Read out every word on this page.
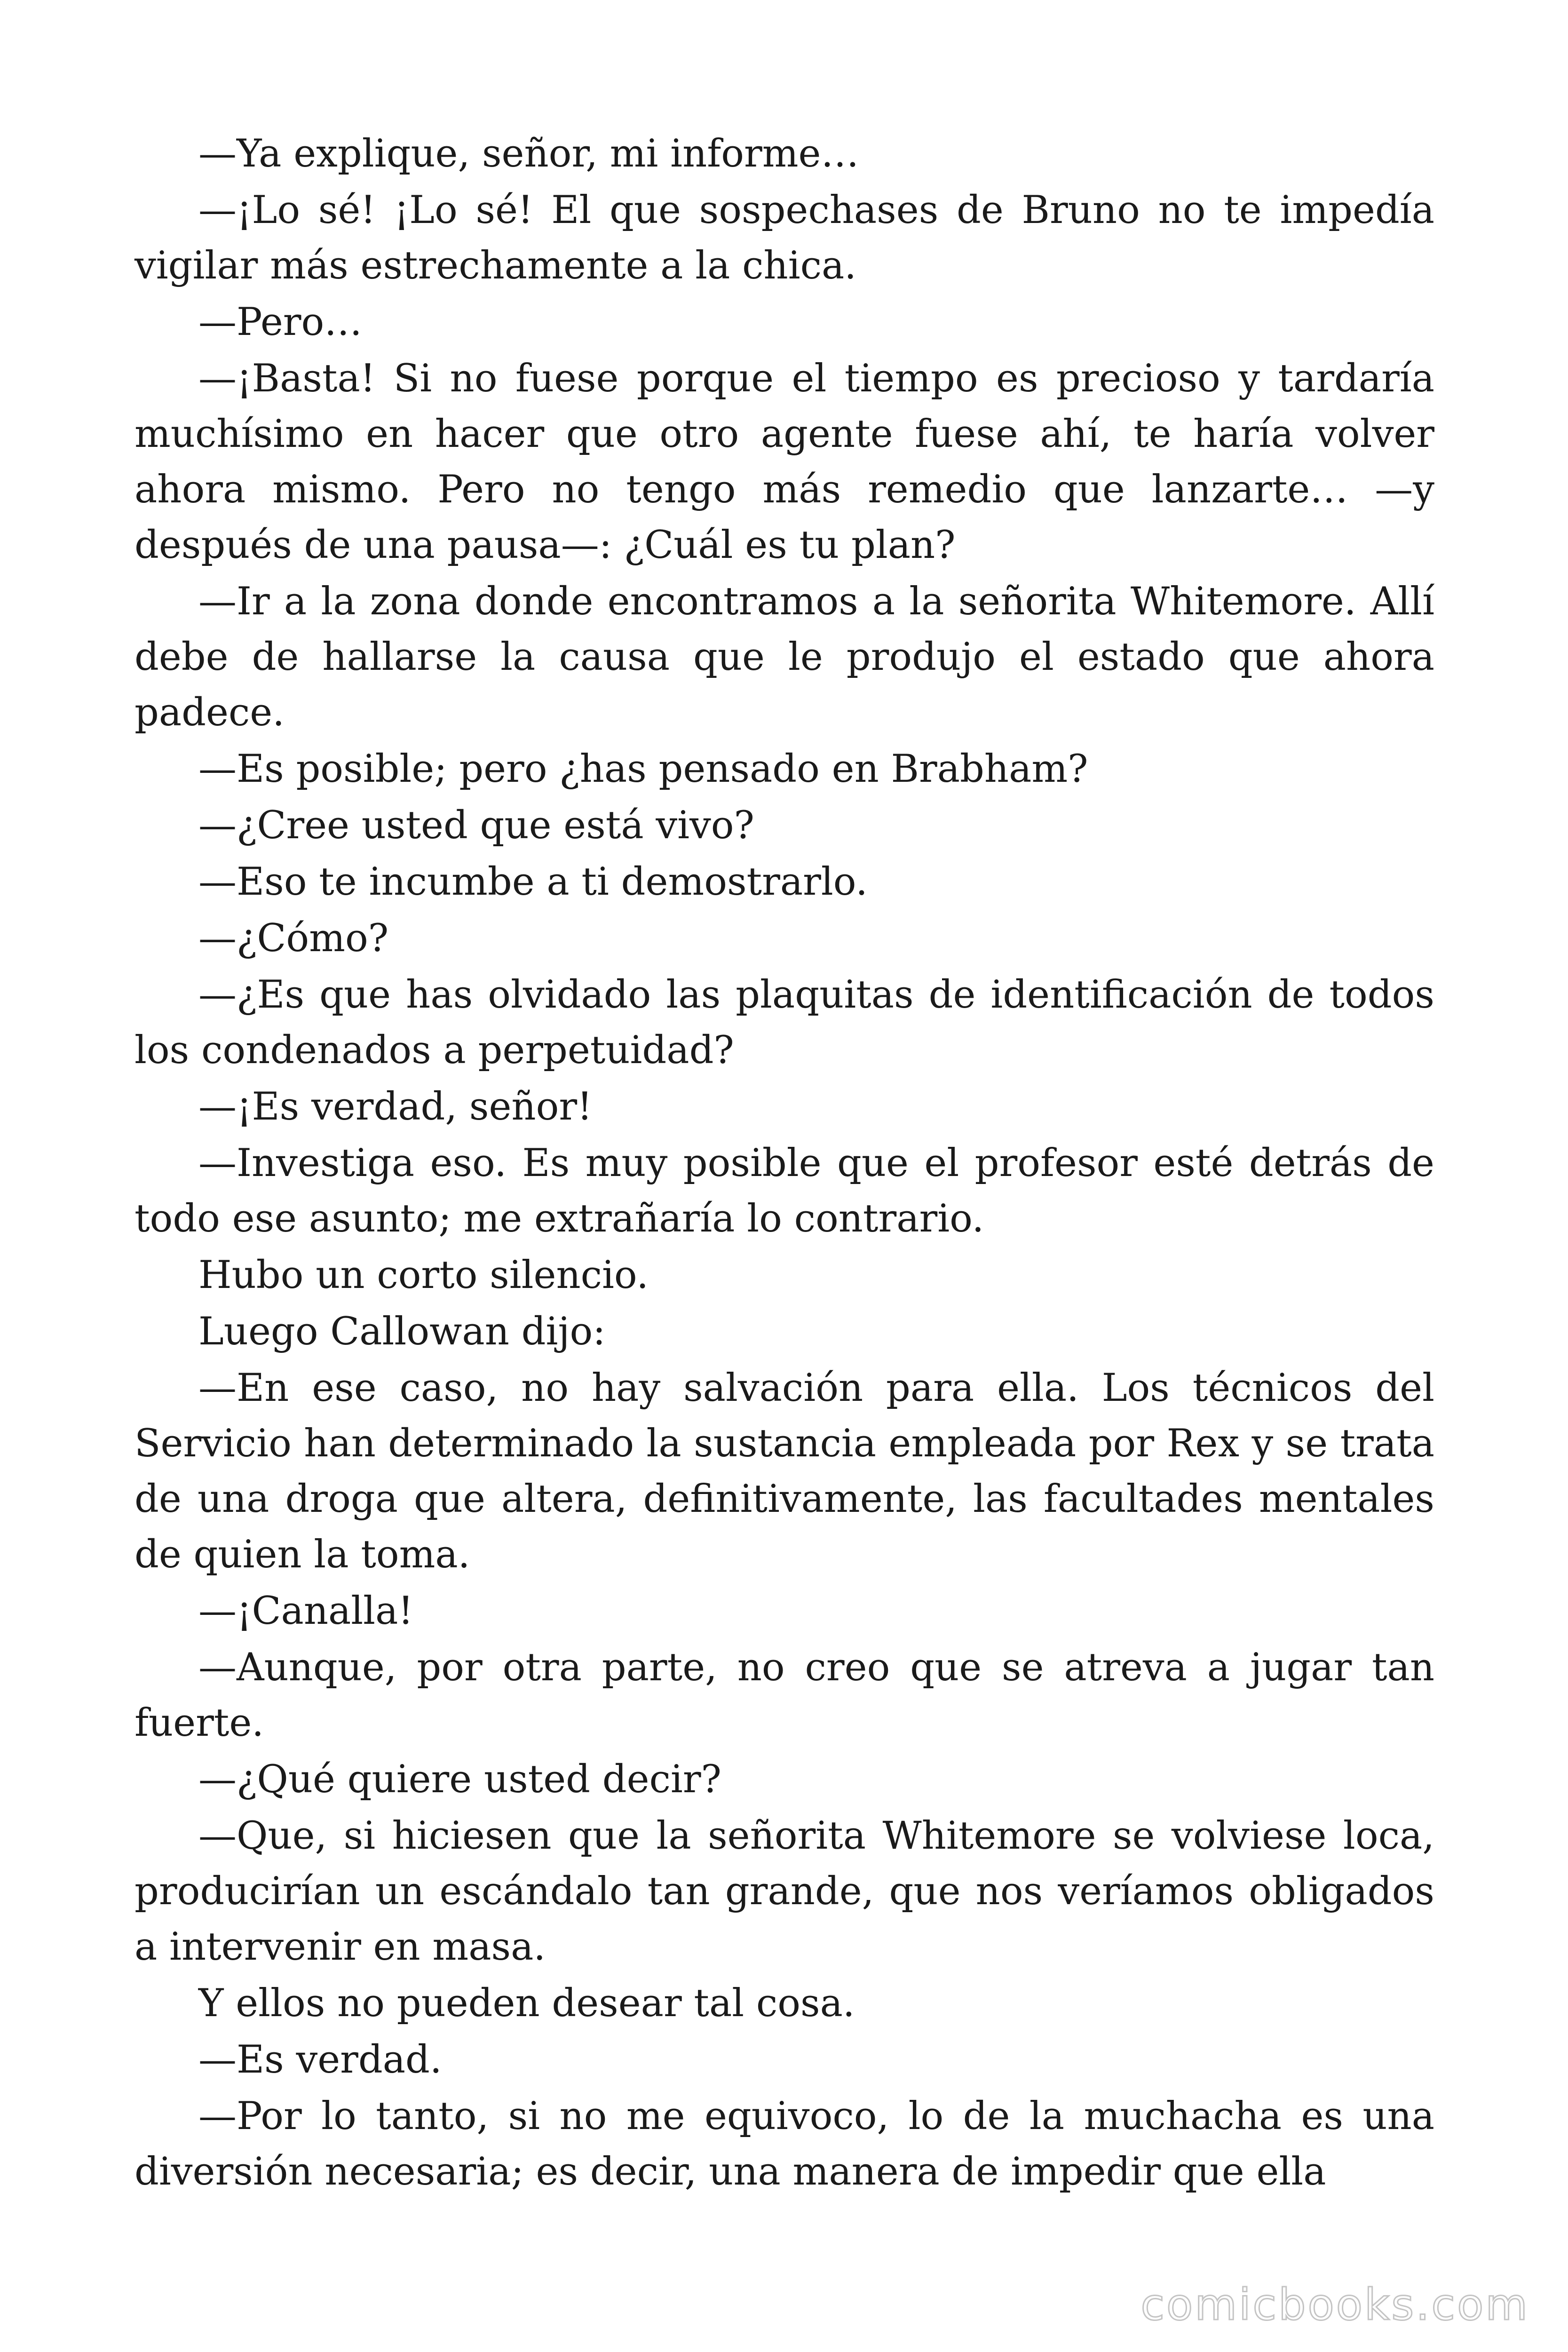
—Ya explique, señor, mi informe…

—¡Lo sé! ¡Lo sé! El que sospechases de Bruno no te impedía vigilar más estrechamente a la chica.

—Pero…

—¡Basta! Si no fuese porque el tiempo es precioso y tardaría muchísimo en hacer que otro agente fuese ahí, te haría volver ahora mismo. Pero no tengo más remedio que lanzarte… —y después de una pausa—: ¿Cuál es tu plan?

—Ir a la zona donde encontramos a la señorita Whitemore. Allí debe de hallarse la causa que le produjo el estado que ahora padece.

—Es posible; pero ¿has pensado en Brabham?

—¿Cree usted que está vivo?

—Eso te incumbe a ti demostrarlo.

—¿Cómo?

—¿Es que has olvidado las plaquitas de identificación de todos los condenados a perpetuidad?

—¡Es verdad, señor!

—Investiga eso. Es muy posible que el profesor esté detrás de todo ese asunto; me extrañaría lo contrario.

Hubo un corto silencio.

Luego Callowan dijo:

—En ese caso, no hay salvación para ella. Los técnicos del Servicio han determinado la sustancia empleada por Rex y se trata de una droga que altera, definitivamente, las facultades mentales de quien la toma.

—¡Canalla!

—Aunque, por otra parte, no creo que se atreva a jugar tan fuerte.

—¿Qué quiere usted decir?

—Que, si hiciesen que la señorita Whitemore se volviese loca, producirían un escándalo tan grande, que nos veríamos obligados a intervenir en masa.

Y ellos no pueden desear tal cosa.

—Es verdad.

—Por lo tanto, si no me equivoco, lo de la muchacha es una diversión necesaria; es decir, una manera de impedir que ella

comicbooks.com
